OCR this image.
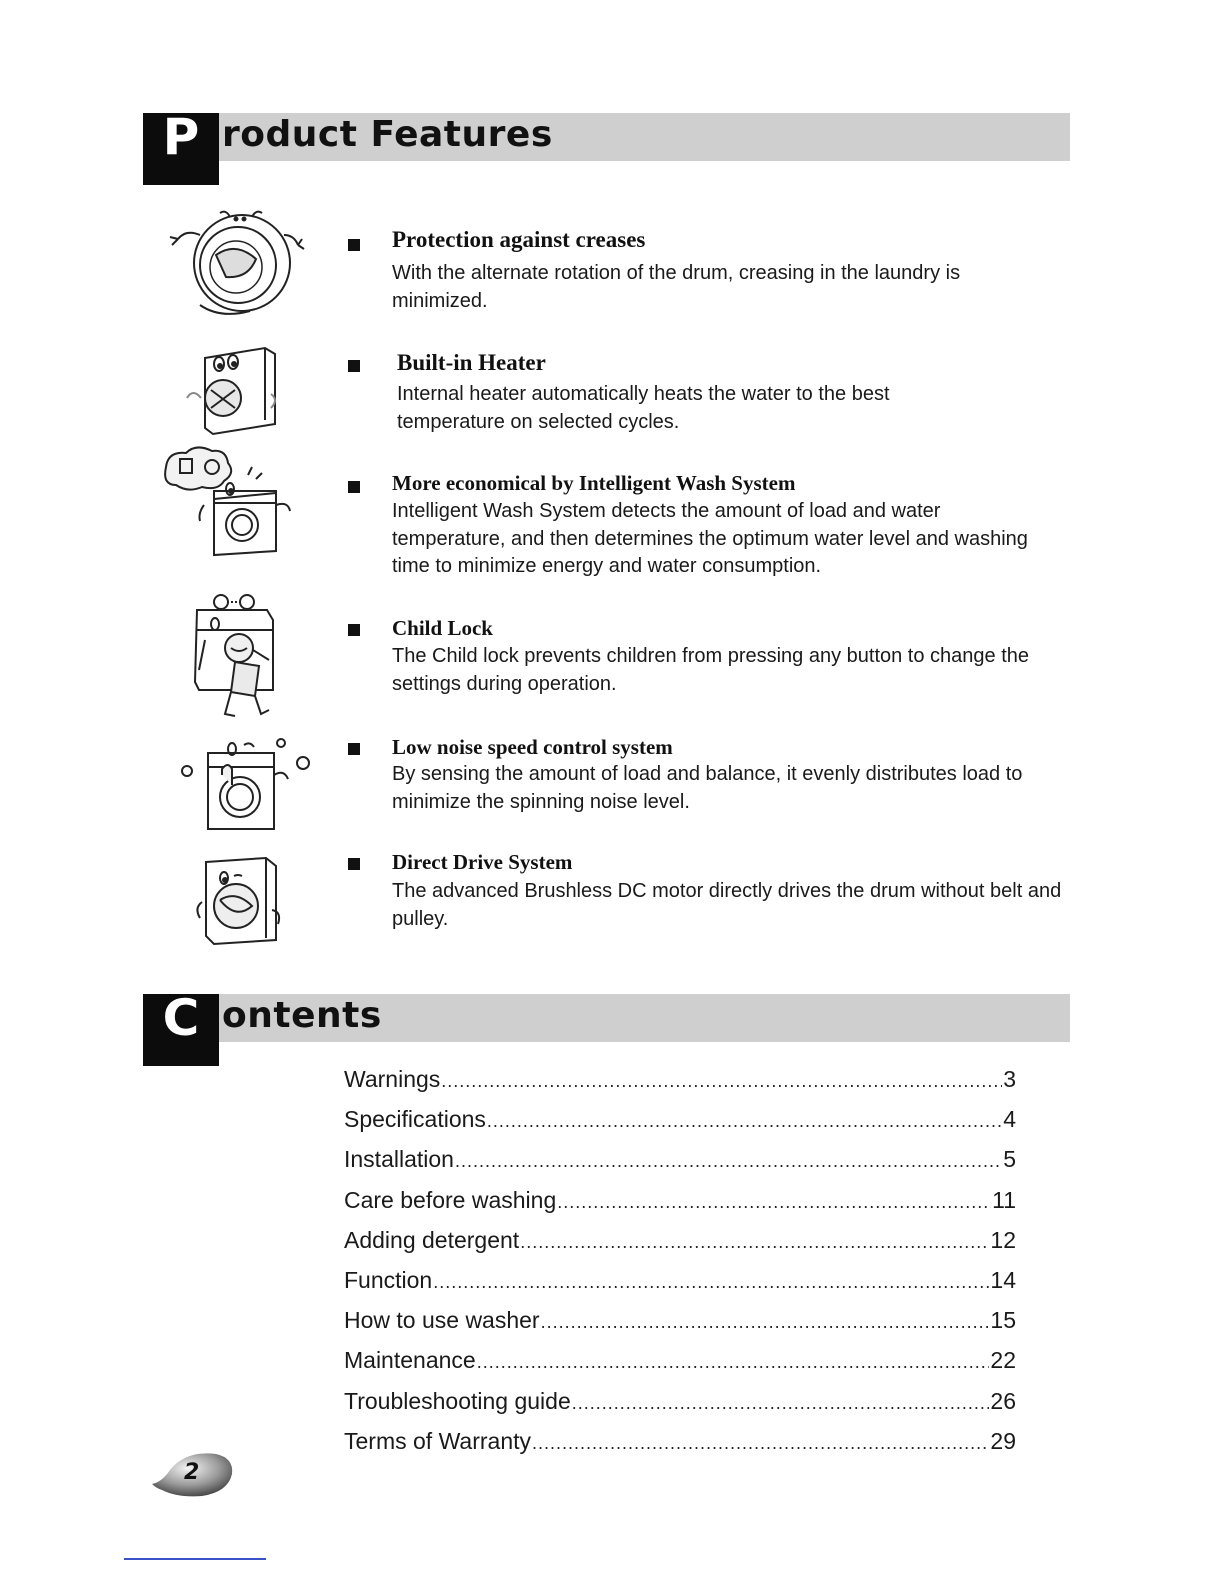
P roduct Features
Protection against creases
With the alternate rotation of the drum, creasing in the laundry is minimized.
Built-in Heater
Internal heater automatically heats the water to the best temperature on selected cycles.
More economical by Intelligent Wash System
Intelligent Wash System detects the amount of load and water temperature, and then determines the optimum water level and washing time to minimize energy and water consumption.
Child Lock
The Child lock prevents children from pressing any button to change the settings during operation.
Low noise speed control system
By sensing the amount of load and balance, it evenly distributes load to minimize the spinning noise level.
Direct Drive System
The advanced Brushless DC motor directly drives the drum without belt and pulley.
C ontents
Warnings .....	3
Specifications .....	4
Installation .....	5
Care before washing .....	11
Adding detergent .....	12
Function .....	14
How to use washer .....	15
Maintenance .....	22
Troubleshooting guide .....	26
Terms of Warranty .....	29
2
